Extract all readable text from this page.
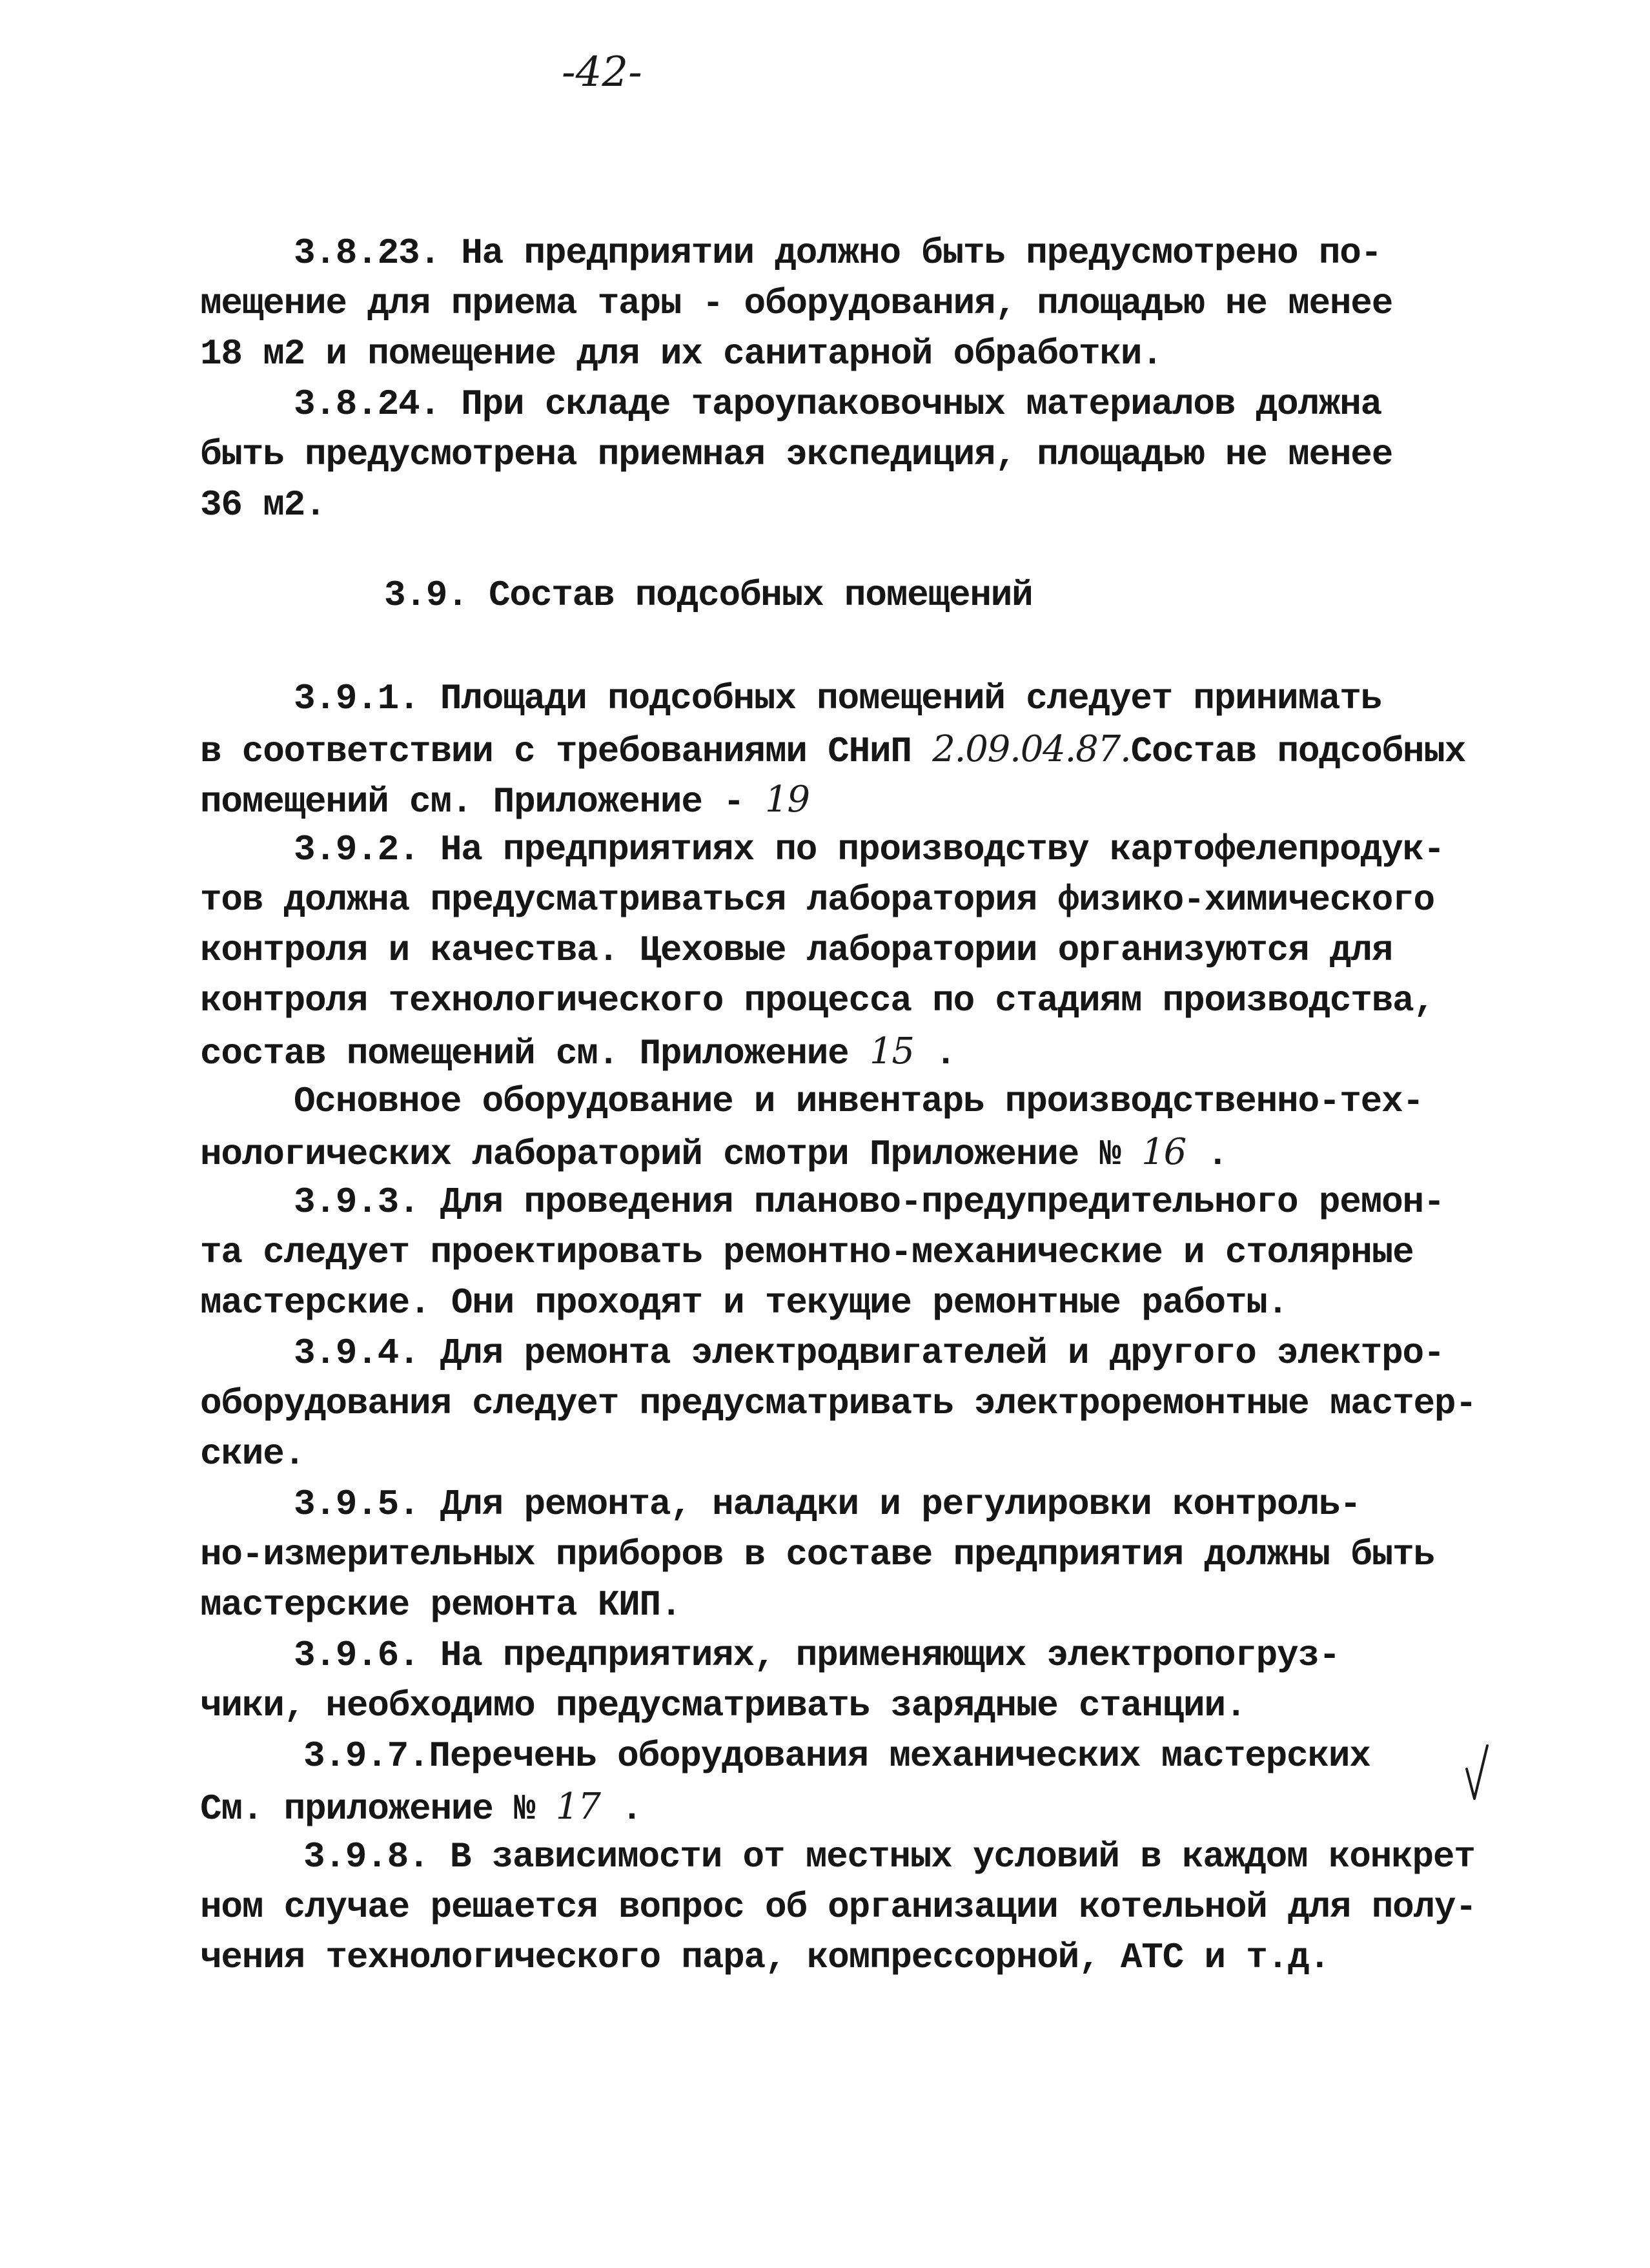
-42-
3.8.23. На предприятии должно быть предусмотрено по-
мещение для приема тары - оборудования, площадью не менее
18 м2 и помещение для их санитарной обработки.
3.8.24. При складе тароупаковочных материалов должна
быть предусмотрена приемная экспедиция, площадью не менее
36 м2.
3.9. Состав подсобных помещений
3.9.1. Площади подсобных помещений следует принимать
в соответствии с требованиями СНиП 2.09.04.87.Состав подсобных
помещений см. Приложение - 19
3.9.2. На предприятиях по производству картофелепродук-
тов должна предусматриваться лаборатория физико-химического
контроля и качества. Цеховые лаборатории организуются для
контроля технологического процесса по стадиям производства,
состав помещений см. Приложение 15 .
Основное оборудование и инвентарь производственно-тех-
нологических лабораторий смотри Приложение № 16 .
3.9.3. Для проведения планово-предупредительного ремон-
та следует проектировать ремонтно-механические и столярные
мастерские. Они проходят и текущие ремонтные работы.
3.9.4. Для ремонта электродвигателей и другого электро-
оборудования следует предусматривать электроремонтные мастер-
ские.
3.9.5. Для ремонта, наладки и регулировки контроль-
но-измерительных приборов в составе предприятия должны быть
мастерские ремонта КИП.
3.9.6. На предприятиях, применяющих электропогруз-
чики, необходимо предусматривать зарядные станции.
3.9.7.Перечень оборудования механических мастерских
См. приложение № 17 .
3.9.8. В зависимости от местных условий в каждом конкрет
ном случае решается вопрос об организации котельной для полу-
чения технологического пара, компрессорной, АТС и т.д.
